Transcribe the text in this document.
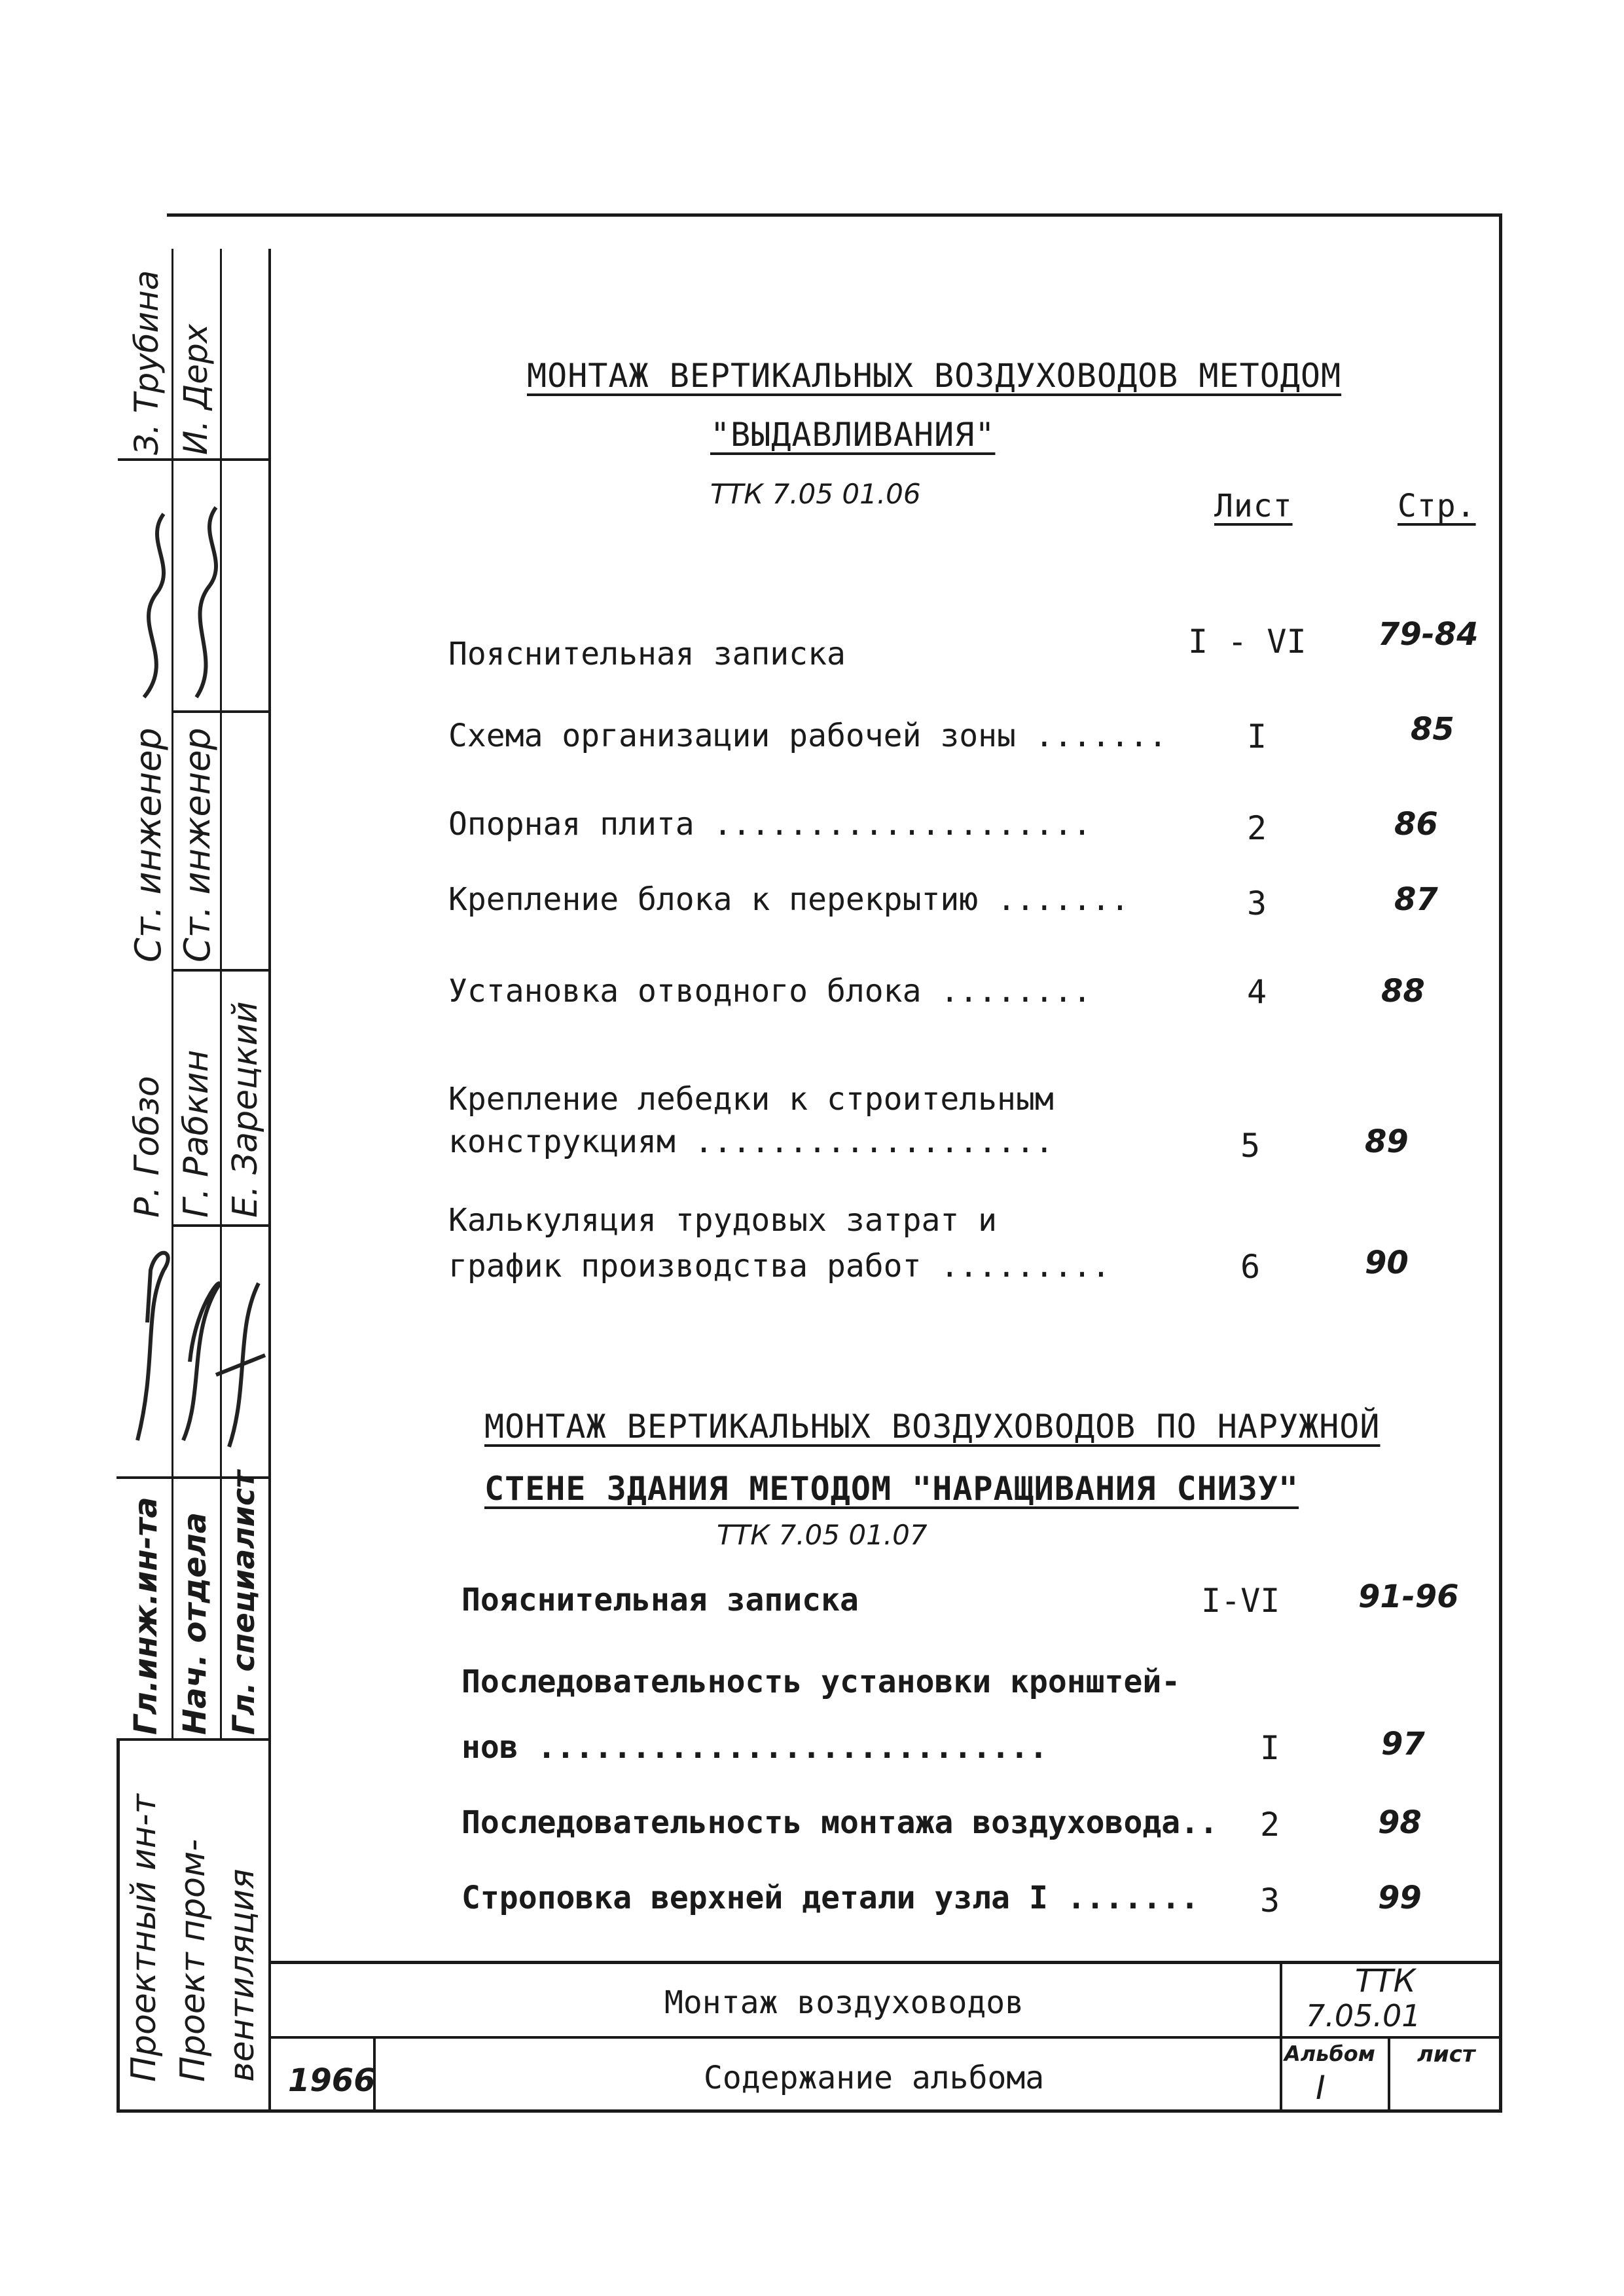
Проектный ин-т Проект пром- вентиляция
Гл.инж.ин-та Нач. отдела Гл. специалист
Р. Гобзо Г. Рабкин Е. Зарецкий
Ст. инженер Ст. инженер
З. Трубина И. Дерх	МОНТАЖ ВЕРТИКАЛЬНЫХ ВОЗДУХОВОДОВ МЕТОДОМ
"ВЫДАВЛИВАНИЯ"
ТТК 7.05 01.06	Лист	Стр.
Пояснительная записка	I - VI 79-84
Схема организации рабочей зоны ....... I	85
Опорная плита ....................	2	86
Крепление блока к перекрытию .......	3	87
Установка отводного блока ........	4	88
Крепление лебедки к строительным
конструкциям ...................	5	89
Калькуляция трудовых затрат и
график производства работ .........	6	90
МОНТАЖ ВЕРТИКАЛЬНЫХ ВОЗДУХОВОДОВ ПО НАРУЖНОЙ
СТЕНЕ ЗДАНИЯ МЕТОДОМ "НАРАЩИВАНИЯ СНИЗУ"
ТТК 7.05 01.07
Пояснительная записка	I-VI 91-96
Последовательность установки кронштей-
нов ...........................	I	97
Последовательность монтажа воздуховода.. 2	98
Строповка верхней детали узла I ....... 3	99
Монтаж воздуховодов
Содержание альбома
1966
ТТК
7.05.01
Альбом
I
лист
